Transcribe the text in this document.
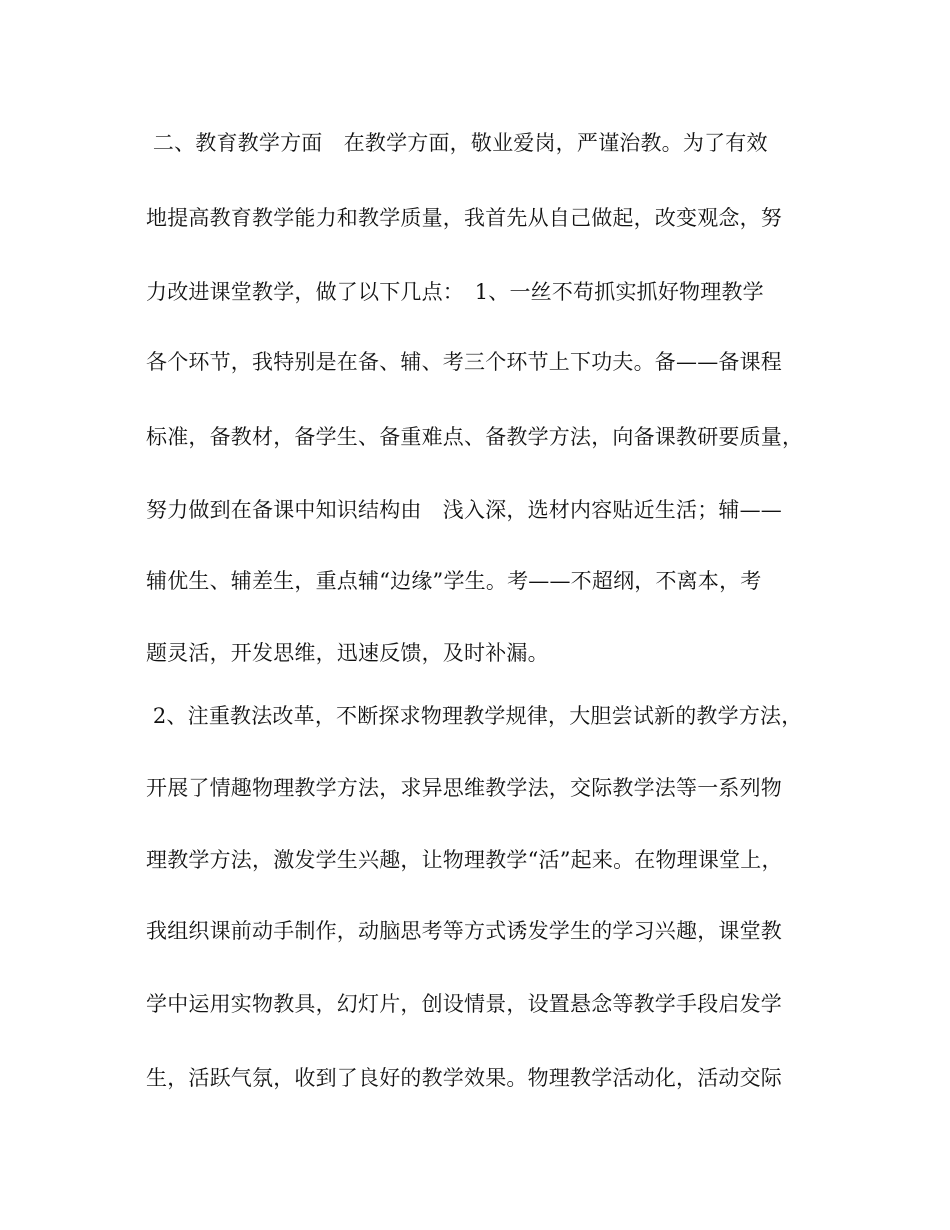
二、教育教学方面　在教学方面，敬业爱岗，严谨治教。为了有效
地提高教育教学能力和教学质量，我首先从自己做起，改变观念，努
力改进课堂教学，做了以下几点：　1、一丝不苟抓实抓好物理教学
各个环节，我特别是在备、辅、考三个环节上下功夫。备——备课程
标准，备教材，备学生、备重难点、备教学方法，向备课教研要质量，
努力做到在备课中知识结构由　浅入深，选材内容贴近生活；辅——
辅优生、辅差生，重点辅“边缘”学生。考——不超纲，不离本，考
题灵活，开发思维，迅速反馈，及时补漏。
2、注重教法改革，不断探求物理教学规律，大胆尝试新的教学方法，
开展了情趣物理教学方法，求异思维教学法，交际教学法等一系列物
理教学方法，激发学生兴趣，让物理教学“活”起来。在物理课堂上，
我组织课前动手制作，动脑思考等方式诱发学生的学习兴趣，课堂教
学中运用实物教具，幻灯片，创设情景，设置悬念等教学手段启发学
生，活跃气氛，收到了良好的教学效果。物理教学活动化，活动交际
